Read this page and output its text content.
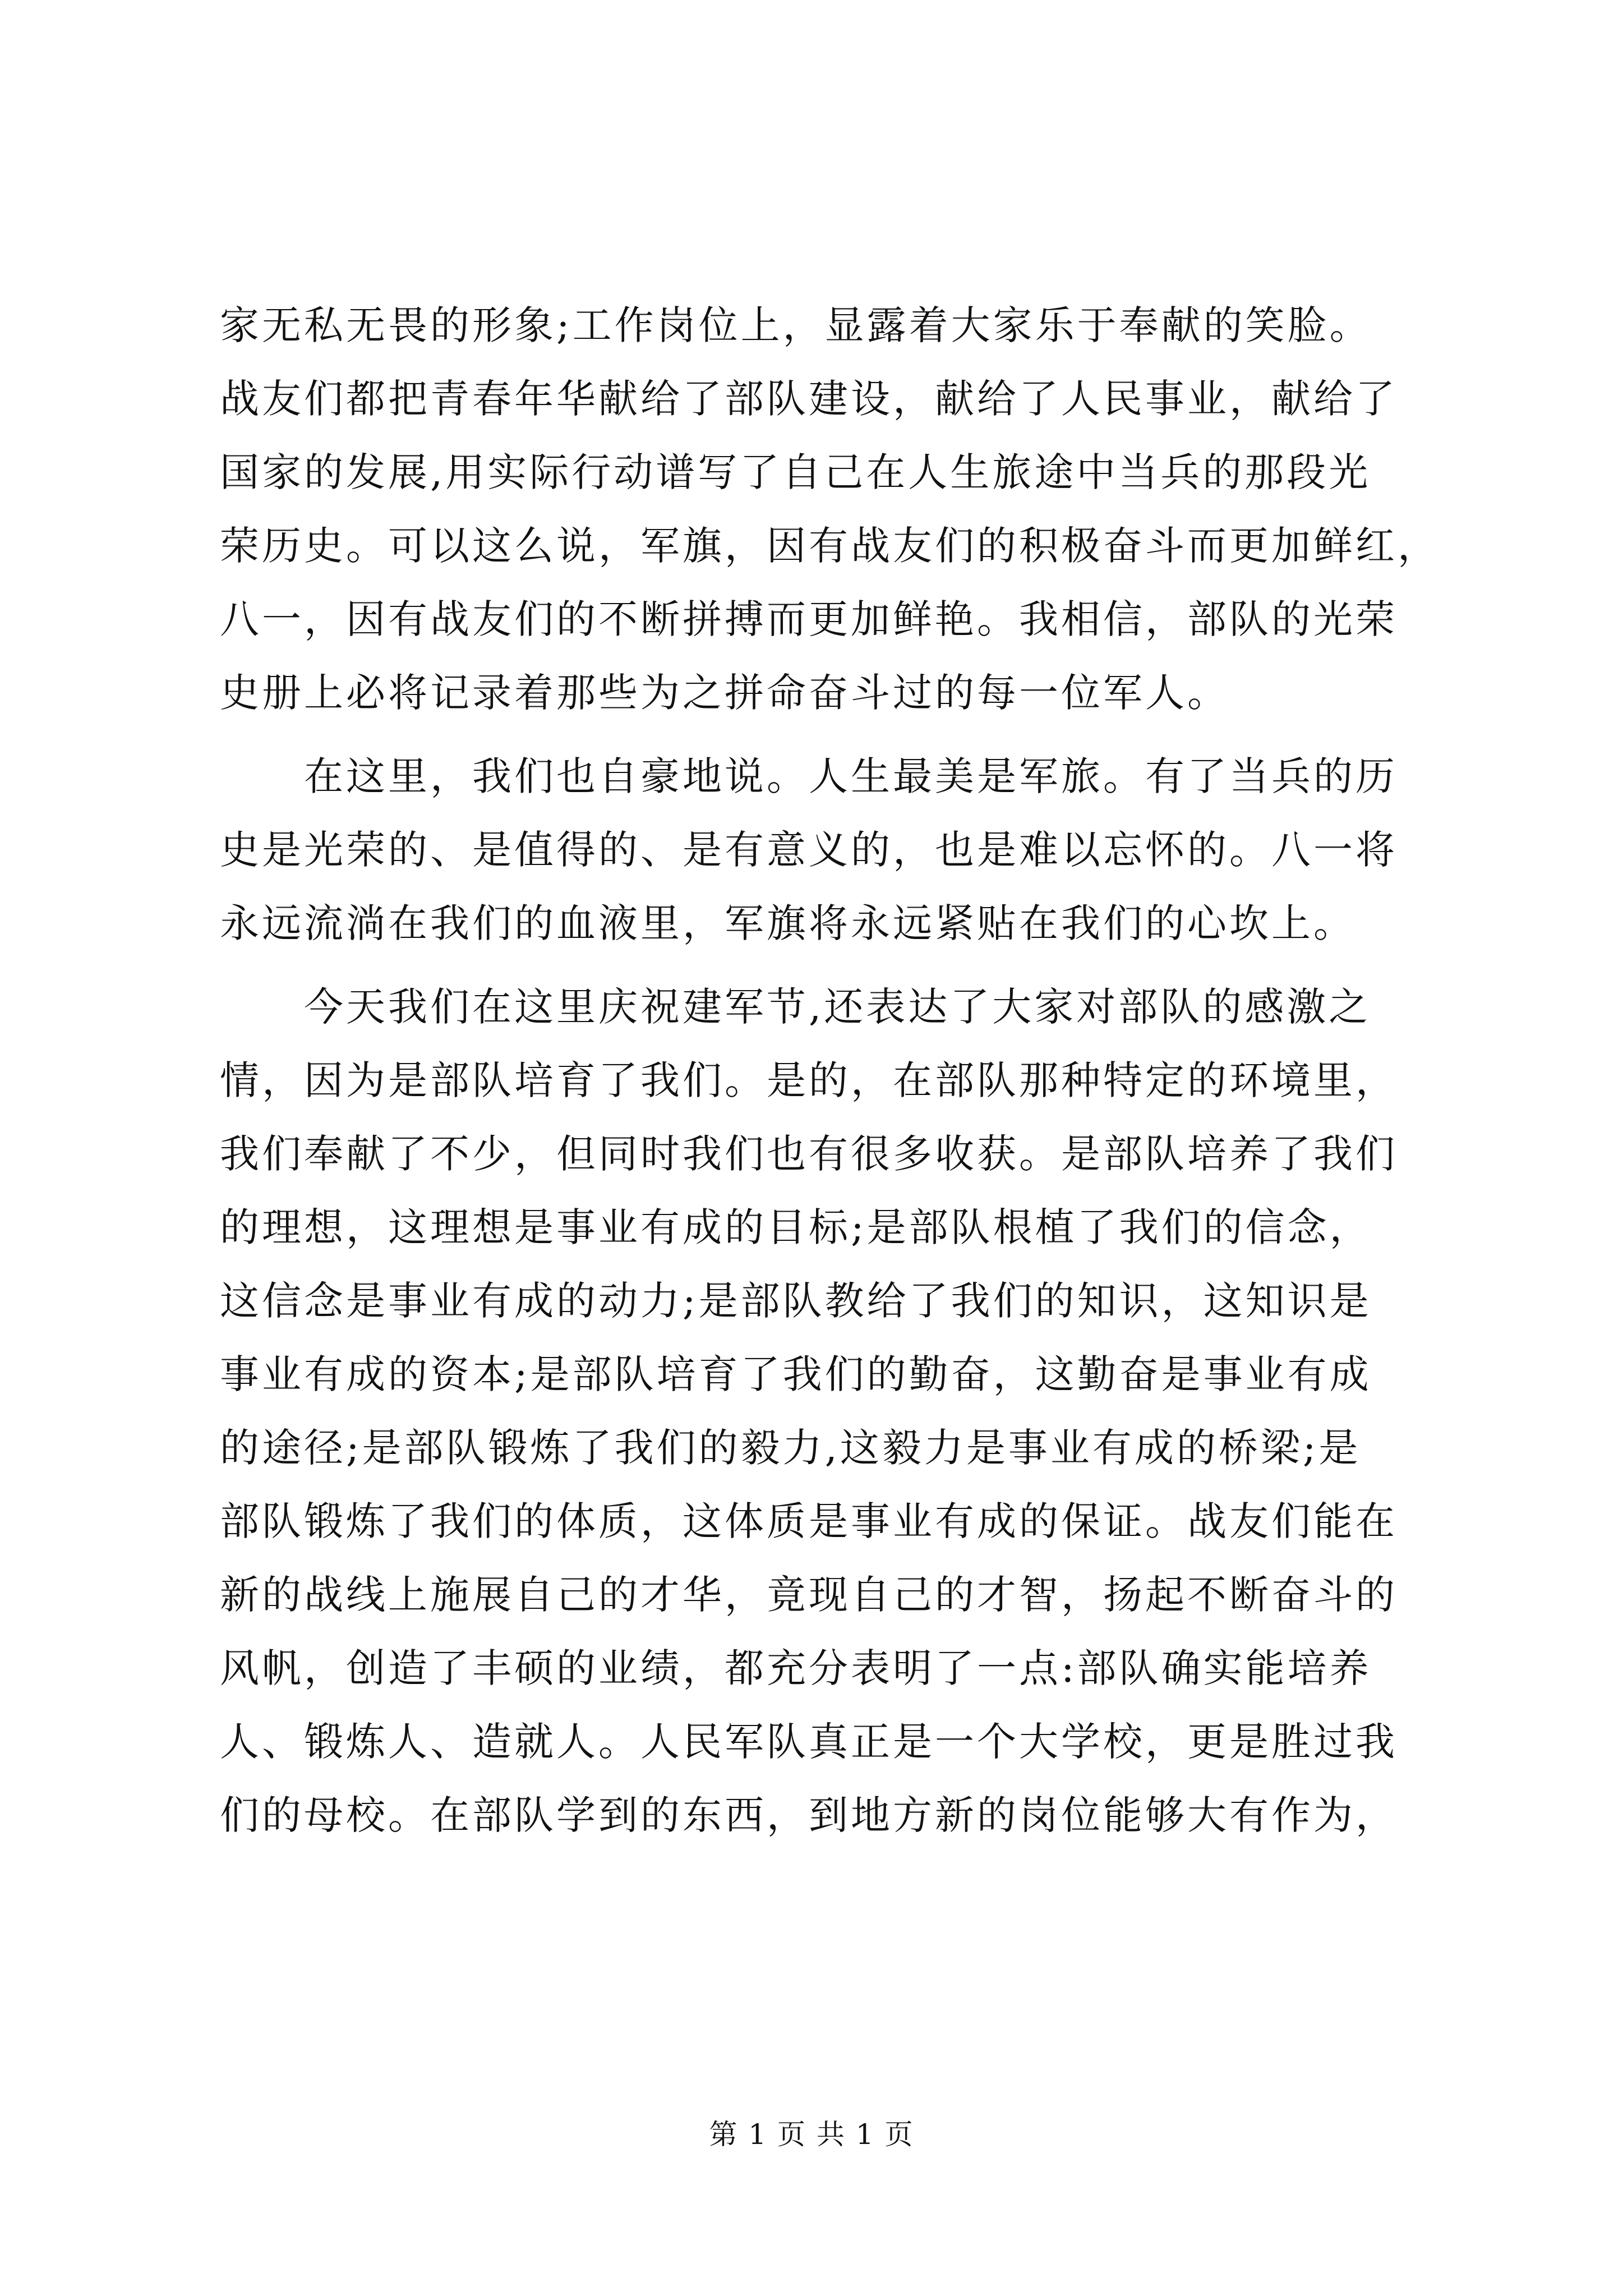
家无私无畏的形象;工作岗位上，显露着大家乐于奉献的笑脸。
战友们都把青春年华献给了部队建设，献给了人民事业，献给了
国家的发展,用实际行动谱写了自己在人生旅途中当兵的那段光
荣历史。可以这么说，军旗，因有战友们的积极奋斗而更加鲜红，
八一，因有战友们的不断拼搏而更加鲜艳。我相信，部队的光荣
史册上必将记录着那些为之拼命奋斗过的每一位军人。
在这里，我们也自豪地说。人生最美是军旅。有了当兵的历
史是光荣的、是值得的、是有意义的，也是难以忘怀的。八一将
永远流淌在我们的血液里，军旗将永远紧贴在我们的心坎上。
今天我们在这里庆祝建军节,还表达了大家对部队的感激之
情，因为是部队培育了我们。是的，在部队那种特定的环境里，
我们奉献了不少，但同时我们也有很多收获。是部队培养了我们
的理想，这理想是事业有成的目标;是部队根植了我们的信念，
这信念是事业有成的动力;是部队教给了我们的知识，这知识是
事业有成的资本;是部队培育了我们的勤奋，这勤奋是事业有成
的途径;是部队锻炼了我们的毅力,这毅力是事业有成的桥梁;是
部队锻炼了我们的体质，这体质是事业有成的保证。战友们能在
新的战线上施展自己的才华，竟现自己的才智，扬起不断奋斗的
风帆，创造了丰硕的业绩，都充分表明了一点:部队确实能培养
人、锻炼人、造就人。人民军队真正是一个大学校，更是胜过我
们的母校。在部队学到的东西，到地方新的岗位能够大有作为，
第 1 页 共 1 页
